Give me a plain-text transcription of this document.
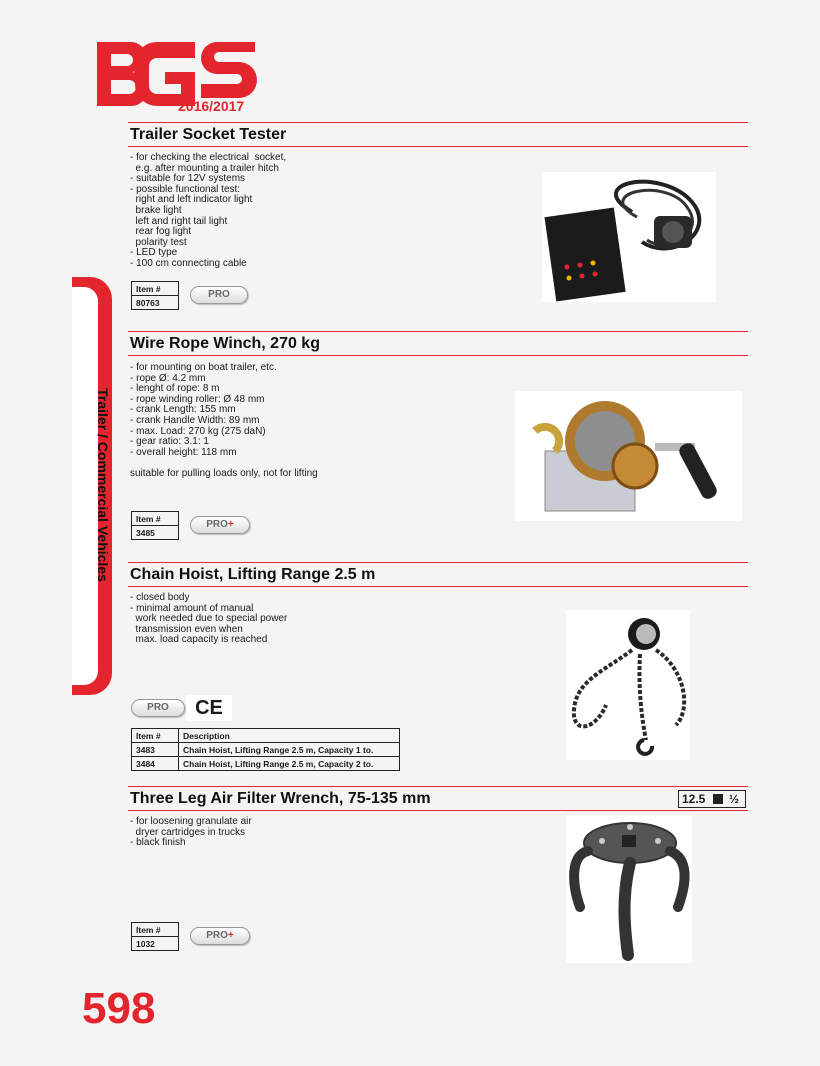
2016/2017
Trailer / Commercial Vehicles
Trailer Socket Tester
- for checking the electrical  socket,
e.g. after mounting a trailer hitch
- suitable for 12V systems
- possible functional test:
right and left indicator light
brake light
left and right tail light
rear fog light
polarity test
- LED type
- 100 cm connecting cable
Item #
80763
PRO
Wire Rope Winch, 270 kg
- for mounting on boat trailer, etc.
- rope Ø: 4.2 mm
- lenght of rope: 8 m
- rope winding roller: Ø 48 mm
- crank Length: 155 mm
- crank Handle Width: 89 mm
- max. Load: 270 kg (275 daN)
- gear ratio: 3.1: 1
- overall height: 118 mm

suitable for pulling loads only, not for lifting
Item #
3485
PRO+
Chain Hoist, Lifting Range 2.5 m
- closed body
- minimal amount of manual
work needed due to special power
transmission even when
max. load capacity is reached
PRO	CE
Item #	Description
3483	Chain Hoist, Lifting Range 2.5 m, Capacity 1 to.
3484	Chain Hoist, Lifting Range 2.5 m, Capacity 2 to.
Three Leg Air Filter Wrench, 75-135 mm	12.5 ½
- for loosening granulate air
dryer cartridges in trucks
- black finish
Item #
1032
PRO+
598
